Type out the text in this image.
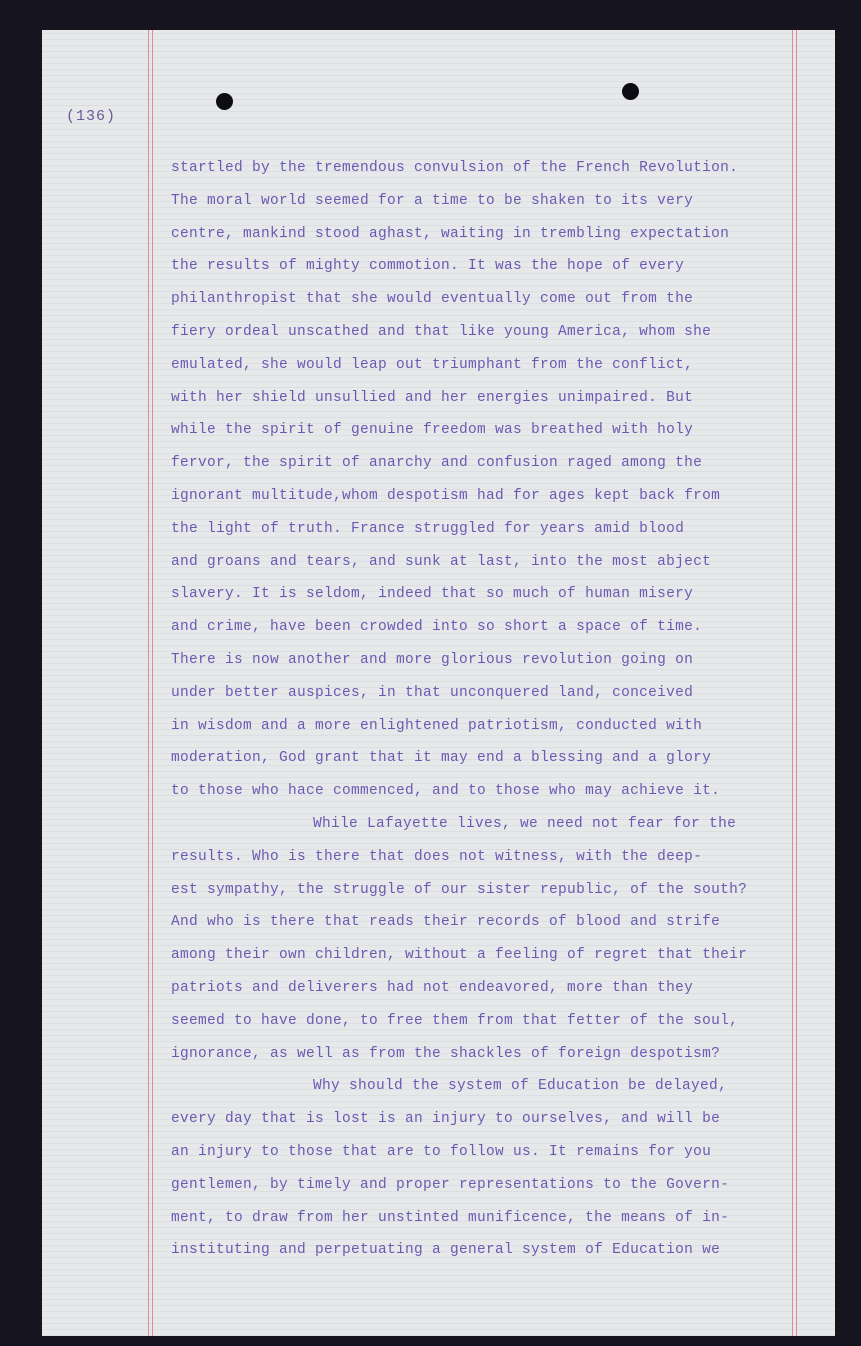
(136)
startled by the tremendous convulsion of the French Revolution.
The moral world seemed for a time to be shaken to its very
centre, mankind stood aghast, waiting in trembling expectation
the results of mighty commotion. It was the hope of every
philanthropist that she would eventually come out from the
fiery ordeal unscathed and that like young America, whom she
emulated, she would leap out triumphant from the conflict,
with her shield unsullied and her energies unimpaired. But
while the spirit of genuine freedom was breathed with holy
fervor, the spirit of anarchy and confusion raged among the
ignorant multitude,whom despotism had for ages kept back from
the light of truth. France struggled for years amid blood
and groans and tears, and sunk at last, into the most abject
slavery. It is seldom, indeed that so much of human misery
and crime, have been crowded into so short a space of time.
There is now another and more glorious revolution going on
under better auspices, in that unconquered land, conceived
in wisdom and a more enlightened patriotism, conducted with
moderation, God grant that it may end a blessing and a glory
to those who hace commenced, and to those who may achieve it.
While Lafayette lives, we need not fear for the
results. Who is there that does not witness, with the deep-
est sympathy, the struggle of our sister republic, of the south?
And who is there that reads their records of blood and strife
among their own children, without a feeling of regret that their
patriots and deliverers had not endeavored, more than they
seemed to have done, to free them from that fetter of the soul,
ignorance, as well as from the shackles of foreign despotism?
Why should the system of Education be delayed,
every day that is lost is an injury to ourselves, and will be
an injury to those that are to follow us. It remains for you
gentlemen, by timely and proper representations to the Govern-
ment, to draw from her unstinted munificence, the means of in-
instituting and perpetuating a general system of Education we
